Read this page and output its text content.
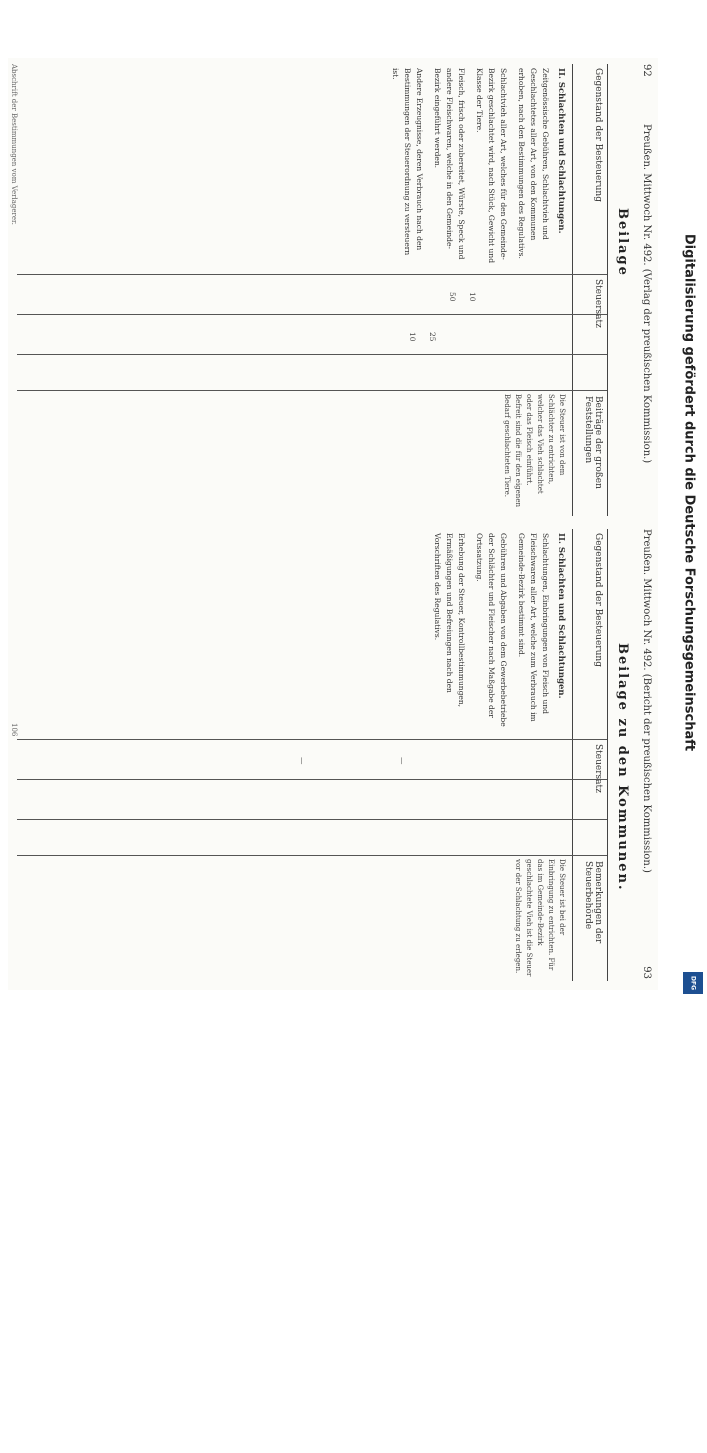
92
Preußen. Mittwoch Nr. 492. (Verlag der preußischen Kommission.)
Beilage
Gegenstand der Besteuerung
Steuersatz
Beiträge der großen Feststellungen
II. Schlachten und Schlachtungen.
Zeitgenössische Gebühren, Schlachtvieh und Geschlachtetes aller Art, von den Kommunen erhoben, nach den Bestimmungen des Regulativs.
Schlachtvieh aller Art, welches für den Gemeinde-Bezirk geschlachtet wird, nach Stück, Gewicht und Klasse der Tiere.
Fleisch, frisch oder zubereitet, Würste, Speck und andere Fleischwaren, welche in den Gemeinde-Bezirk eingeführt werden.
Andere Erzeugnisse, deren Verbrauch nach den Bestimmungen der Steuerordnung zu versteuern ist.
10
50
25
10
Die Steuer ist von dem Schlächter zu entrichten, welcher das Vieh schlachtet oder das Fleisch einführt. Befreit sind die für den eigenen Bedarf geschlachteten Tiere.
Abschrift der Bestimmungen vom Verlagerer.
Preußen. Mittwoch Nr. 492. (Bericht der preußischen Kommission.)
93
Beilage zu den Kommunen.
Gegenstand der Besteuerung
Steuersatz
Bemerkungen der Steuerbehörde
II. Schlachten und Schlachtungen.
Schlachtungen, Einbringungen von Fleisch und Fleischwaren aller Art, welche zum Verbrauch im Gemeinde-Bezirk bestimmt sind.
Gebühren und Abgaben von dem Gewerbebetriebe der Schlächter und Fleischer nach Maßgabe der Ortssatzung.
Erhebung der Steuer, Kontrollbestimmungen, Ermäßigungen und Befreiungen nach den Vorschriften des Regulativs.
—
—
Die Steuer ist bei der Einbringung zu entrichten. Für das im Gemeinde-Bezirk geschlachtete Vieh ist die Steuer vor der Schlachtung zu erlegen.
106	Digitalisierung gefördert durch die Deutsche Forschungsgemeinschaft
DFG
